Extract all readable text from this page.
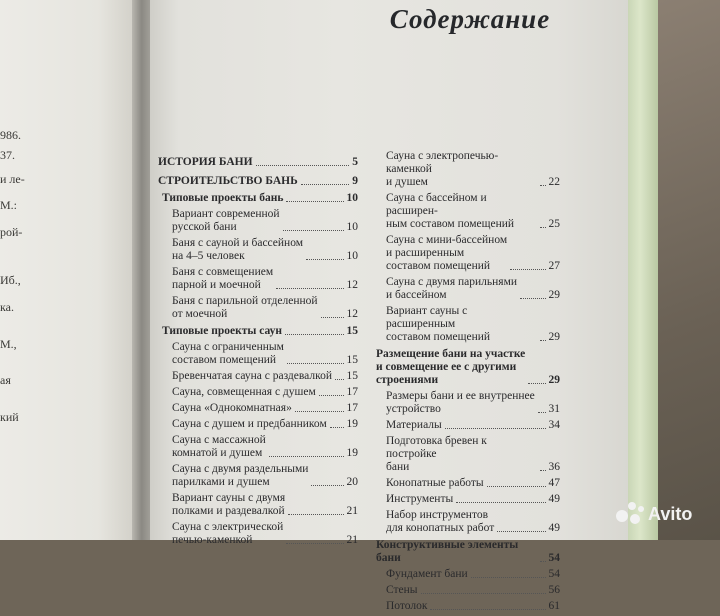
986.
37.
и ле-
М.:
рой-
Иб.,
ка.
М.,
ая
кий
Содержание
ИСТОРИЯ БАНИ	5
СТРОИТЕЛЬСТВО БАНЬ	9
Типовые проекты бань	10
Вариант современной
русской бани	10
Баня с сауной и бассейном
на 4–5 человек	10
Баня с совмещением
парной и моечной	12
Баня с парильной отделенной
от моечной	12
Типовые проекты саун	15
Сауна с ограниченным
составом помещений	15
Бревенчатая сауна с раздевалкой 15
Сауна, совмещенная с душем	17
Сауна «Однокомнатная»	17
Сауна с душем и предбанником 19
Сауна с массажной
комнатой и душем	19
Сауна с двумя раздельными
парилками и душем	20
Вариант сауны с двумя
полками и раздевалкой	21
Сауна с электрической
печью-каменкой	21
Сауна с электропечью-каменкой
и душем	22
Сауна с бассейном и расширен-
ным составом помещений	25
Сауна с мини-бассейном
и расширенным
составом помещений	27
Сауна с двумя парильнями
и бассейном	29
Вариант сауны с расширенным
составом помещений	29
Размещение бани на участке
и совмещение ее с другими
строениями	29
Размеры бани и ее внутреннее
устройство	31
Материалы	34
Подготовка бревен к постройке
бани	36
Конопатные работы	47
Инструменты	49
Набор инструментов
для конопатных работ	49
Конструктивные элементы бани	54
Фундамент бани	54
Стены	56
Потолок	61
Avito
